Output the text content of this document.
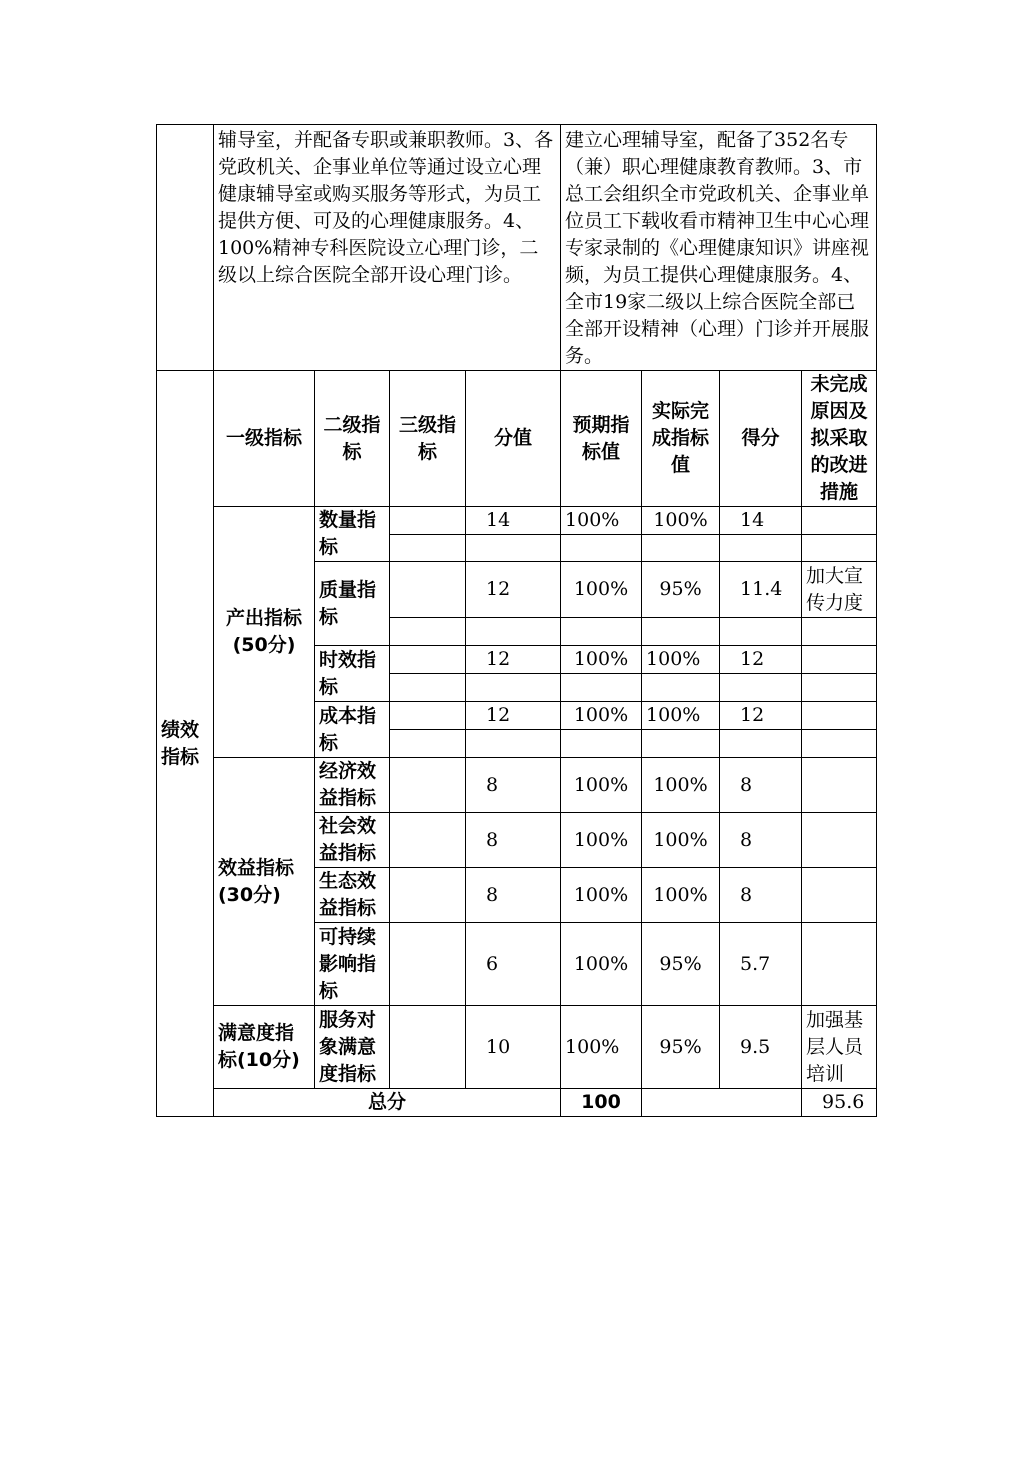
	辅导室，并配备专职或兼职教师。3、各党政机关、企事业单位等通过设立心理健康辅导室或购买服务等形式，为员工提供方便、可及的心理健康服务。4、100%精神专科医院设立心理门诊，二级以上综合医院全部开设心理门诊。				建立心理辅导室，配备了352名专（兼）职心理健康教育教师。3、市总工会组织全市党政机关、企事业单位员工下载收看市精神卫生中心心理专家录制的《心理健康知识》讲座视频，为员工提供心理健康服务。4、全市19家二级以上综合医院全部已全部开设精神（心理）门诊并开展服务。				
绩效指标	一级指标	二级指标	三级指标	分值	预期指标值	实际完成指标值	得分	未完成原因及拟采取的改进措施	
	产出指标　(50分)	数量指标		14	100%	100%	14		

		质量指标		12	100%	95%	11.4	加大宣传力度	

		时效指标		12	100%	100%	12		

		成本指标		12	100%	100%	12		

	效益指标(30分)	经济效益指标		8	100%	100%	8		
		社会效益指标		8	100%	100%	8		
		生态效益指标		8	100%	100%	8		
		可持续影响指标		6	100%	95%	5.7		
	满意度指标(10分)	服务对象满意度指标		10	100%	95%	9.5	加强基层人员培训	
	总分				100			95.6	
